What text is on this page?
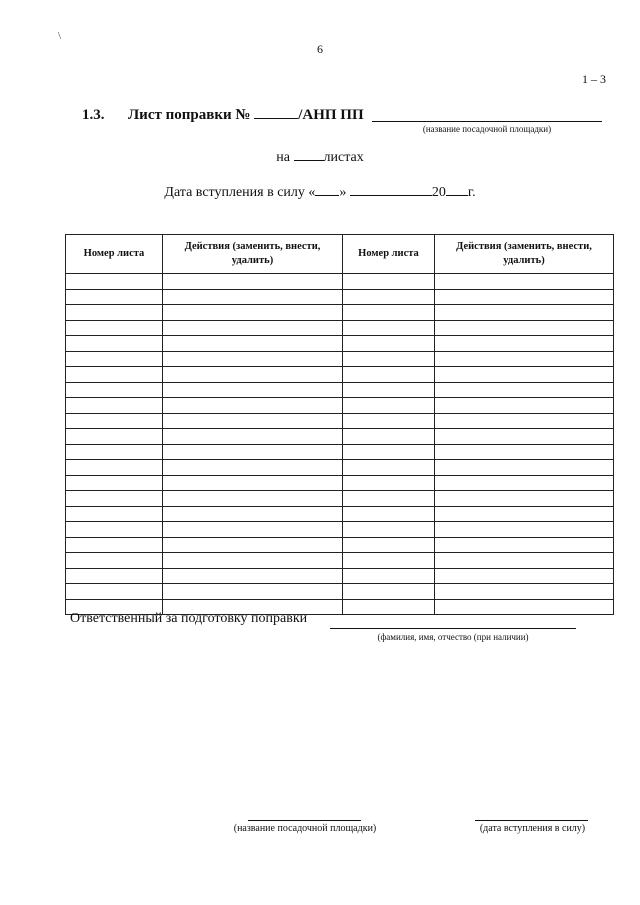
\
6
1 – 3
1.3. Лист поправки №	/АНП ПП
(название посадочной площадки)
на листах
Дата вступления в силу « »	20 г.
Номер листа	Действия (заменить, внести, удалить)	Номер листа	Действия (заменить, внести, удалить)

Ответственный за подготовку поправки
(фамилия, имя, отчество (при наличии)
(название посадочной площадки)	(дата вступления в силу)
